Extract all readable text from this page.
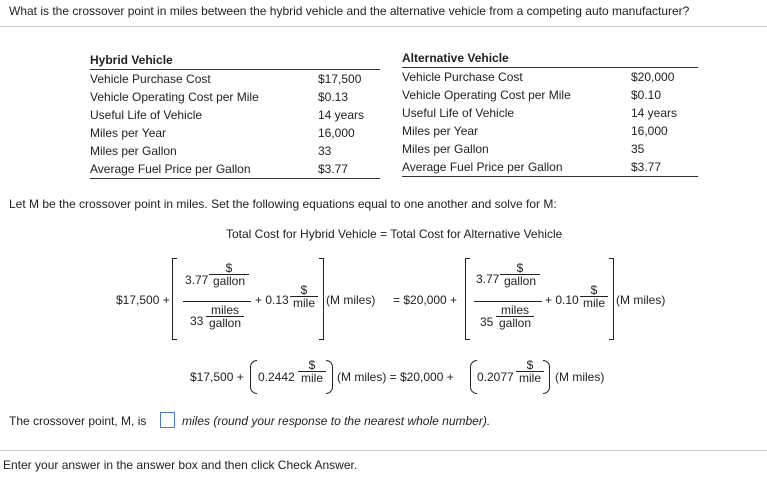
What is the crossover point in miles between the hybrid vehicle and the alternative vehicle from a competing auto manufacturer?
Hybrid Vehicle
Vehicle Purchase Cost	$17,500
Vehicle Operating Cost per Mile	$0.13
Useful Life of Vehicle	14 years
Miles per Year	16,000
Miles per Gallon	33
Average Fuel Price per Gallon	$3.77
Alternative Vehicle
Vehicle Purchase Cost	$20,000
Vehicle Operating Cost per Mile	$0.10
Useful Life of Vehicle	14 years
Miles per Year	16,000
Miles per Gallon	35
Average Fuel Price per Gallon	$3.77
Let M be the crossover point in miles. Set the following equations equal to one another and solve for M:
Total Cost for Hybrid Vehicle = Total Cost for Alternative Vehicle
$17,500 +
3.77
$
gallon
33
miles
gallon
+ 0.13
$
mile (M miles) = $20,000 +
3.77
$
gallon
35
miles
gallon
+ 0.10
$
mile (M miles)
$17,500 + 0.2442
$
mile (M miles) = $20,000 + 0.2077
$
mile (M miles)
The crossover point, M, is	miles (round your response to the nearest whole number).
Enter your answer in the answer box and then click Check Answer.
